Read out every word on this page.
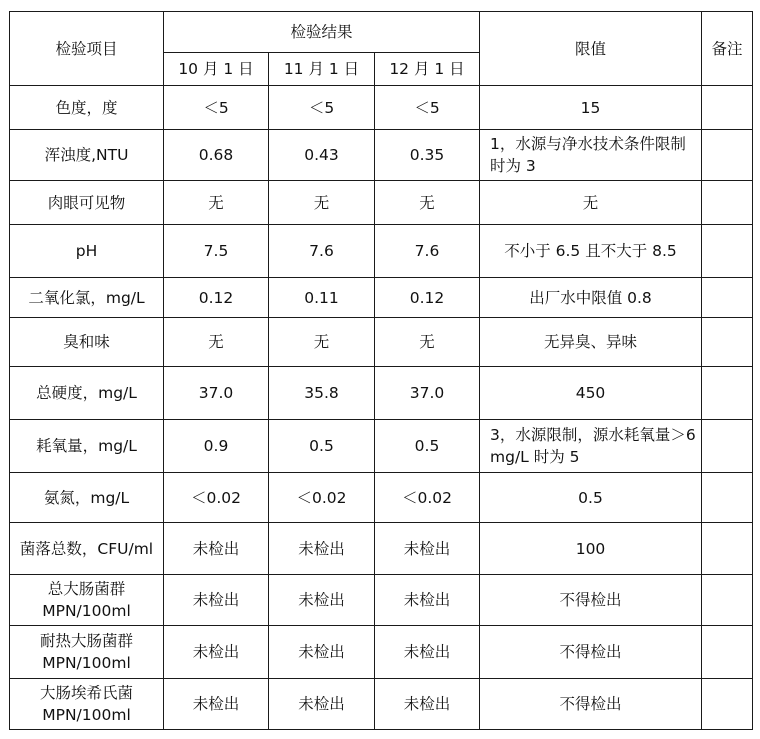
检验项目	检验结果			限值	备注
	10 月 1 日	11 月 1 日	12 月 1 日		
色度，度	＜5	＜5	＜5	15	
浑浊度,NTU	0.68	0.43	0.35	1，水源与净水技术条件限制时为 3	
肉眼可见物	无	无	无	无	
pH	7.5	7.6	7.6	不小于 6.5 且不大于 8.5	
二氧化氯，mg/L	0.12	0.11	0.12	出厂水中限值 0.8	
臭和味	无	无	无	无异臭、异味	
总硬度，mg/L	37.0	35.8	37.0	450	
耗氧量，mg/L	0.9	0.5	0.5	3，水源限制，源水耗氧量＞6 mg/L 时为 5	
氨氮，mg/L	＜0.02	＜0.02	＜0.02	0.5	
菌落总数，CFU/ml	未检出	未检出	未检出	100	
总大肠菌群 MPN/100ml	未检出	未检出	未检出	不得检出	
耐热大肠菌群 MPN/100ml	未检出	未检出	未检出	不得检出	
大肠埃希氏菌 MPN/100ml	未检出	未检出	未检出	不得检出	
